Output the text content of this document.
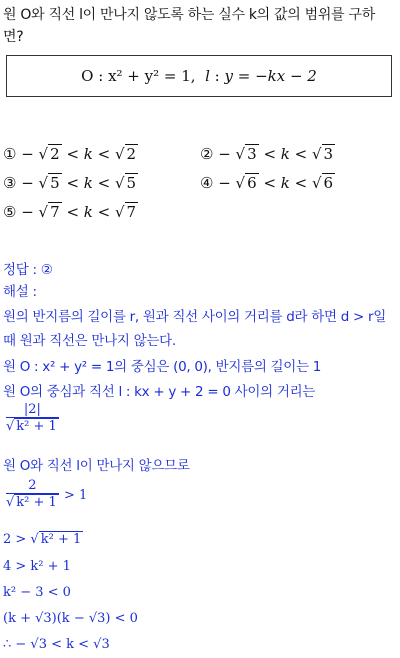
원 O와 직선 l이 만나지 않도록 하는 실수 k의 값의 범위를 구하
면?
O : x² + y² = 1,
l : y = −kx − 2
① − √ 2 < k < √ 2	② − √ 3 < k < √ 3
③ − √ 5 < k < √ 5	④ − √ 6 < k < √ 6
⑤ − √ 7 < k < √ 7
정답 : ②
해설 :
원의 반지름의 길이를 r, 원과 직선 사이의 거리를 d라 하면 d > r일
때 원과 직선은 만나지 않는다.
원 O : x² + y² = 1의 중심은 (0, 0), 반지름의 길이는 1
원 O의 중심과 직선 l : kx + y + 2 = 0 사이의 거리는
|2|
√ k² + 1
원 O와 직선 l이 만나지 않으므로
2
√ k² + 1 > 1
2 > √ k² + 1
4 > k² + 1
k² − 3 < 0
(k + √3)(k − √3) < 0
∴ − √3 < k < √3
